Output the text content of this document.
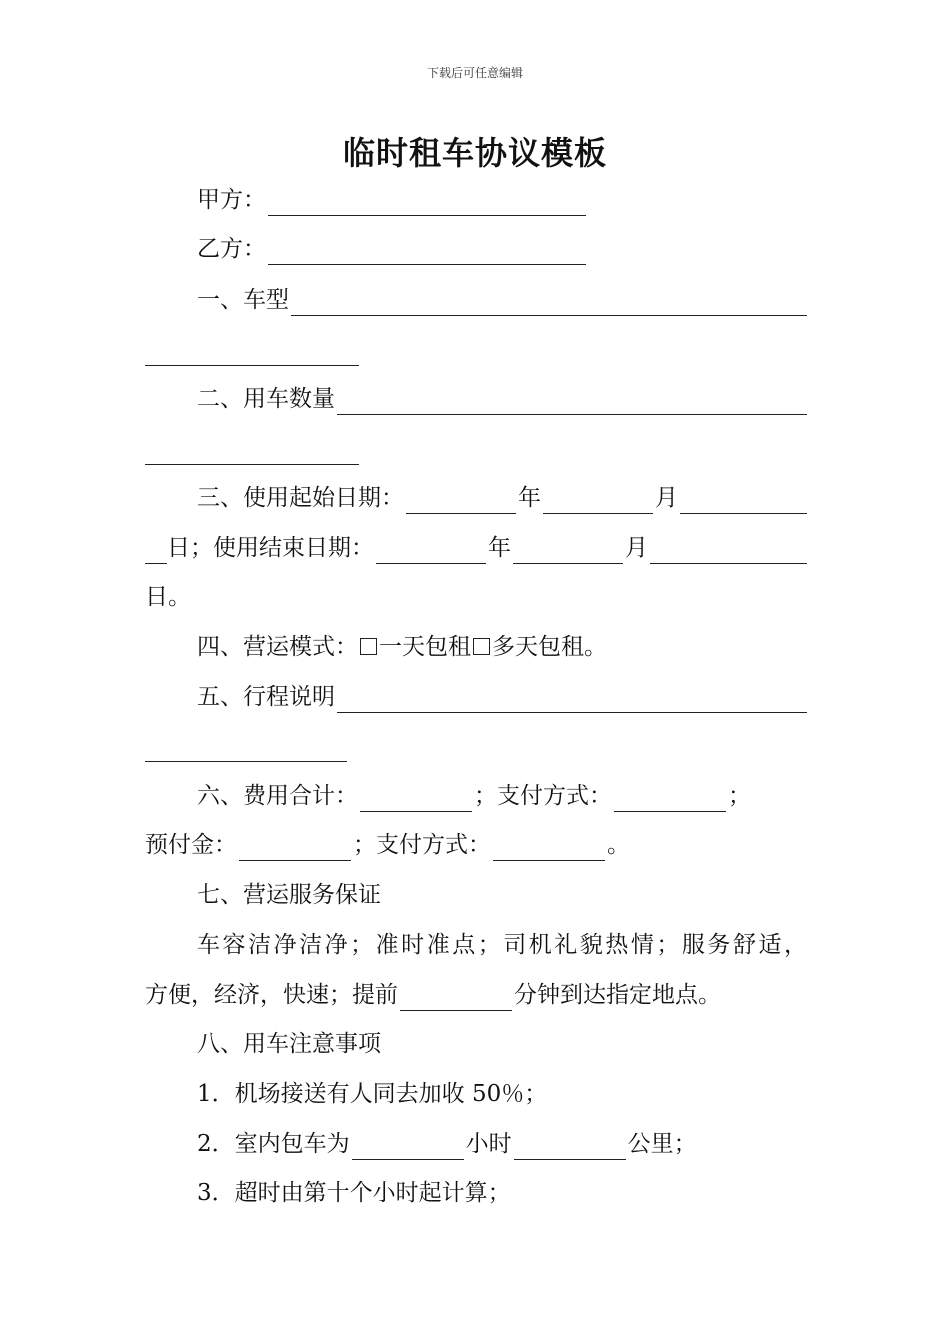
下载后可任意编辑
临时租车协议模板
甲方：
乙方：
一、车型
二、用车数量
三、使用起始日期：	年	月
日；使用结束日期：	年	月
日。
四、营运模式： 一天包租 多天包租。
五、行程说明
六、费用合计：	；支付方式：	；
预付金：	；支付方式：	。
七、营运服务保证
车容洁净洁净；准时准点；司机礼貌热情；服务舒适，
方便，经济，快速；提前	分钟到达指定地点。
八、用车注意事项
1．机场接送有人同去加收 50％；
2．室内包车为	小时	公里；
3．超时由第十个小时起计算；
